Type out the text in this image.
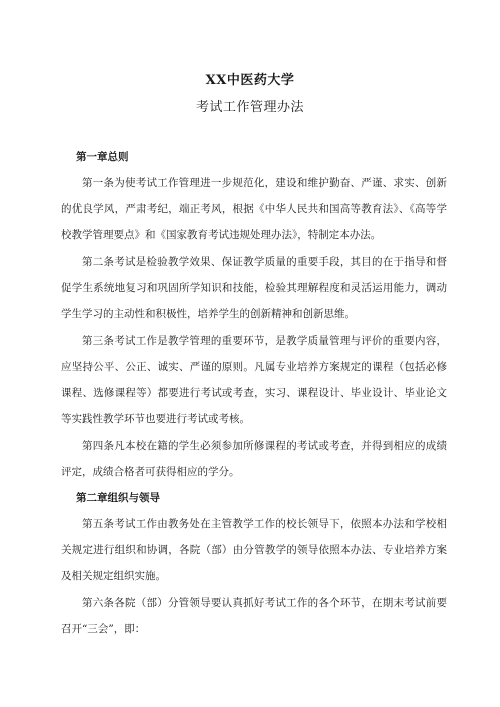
XX中医药大学
考试工作管理办法
第一章总则

第一条为使考试工作管理进一步规范化，建设和维护勤奋、严谨、求实、创新的优良学风，严肃考纪，端正考风，根据《中华人民共和国高等教育法》、《高等学校教学管理要点》和《国家教育考试违规处理办法》，特制定本办法。

第二条考试是检验教学效果、保证教学质量的重要手段，其目的在于指导和督促学生系统地复习和巩固所学知识和技能，检验其理解程度和灵活运用能力，调动学生学习的主动性和积极性，培养学生的创新精神和创新思维。

第三条考试工作是教学管理的重要环节，是教学质量管理与评价的重要内容，应坚持公平、公正、诚实、严谨的原则。凡属专业培养方案规定的课程（包括必修课程、选修课程等）都要进行考试或考查，实习、课程设计、毕业设计、毕业论文等实践性教学环节也要进行考试或考核。

第四条凡本校在籍的学生必须参加所修课程的考试或考查，并得到相应的成绩评定，成绩合格者可获得相应的学分。

第二章组织与领导

第五条考试工作由教务处在主管教学工作的校长领导下，依照本办法和学校相关规定进行组织和协调，各院（部）由分管教学的领导依照本办法、专业培养方案及相关规定组织实施。

第六条各院（部）分管领导要认真抓好考试工作的各个环节，在期末考试前要召开“三会”，即：
